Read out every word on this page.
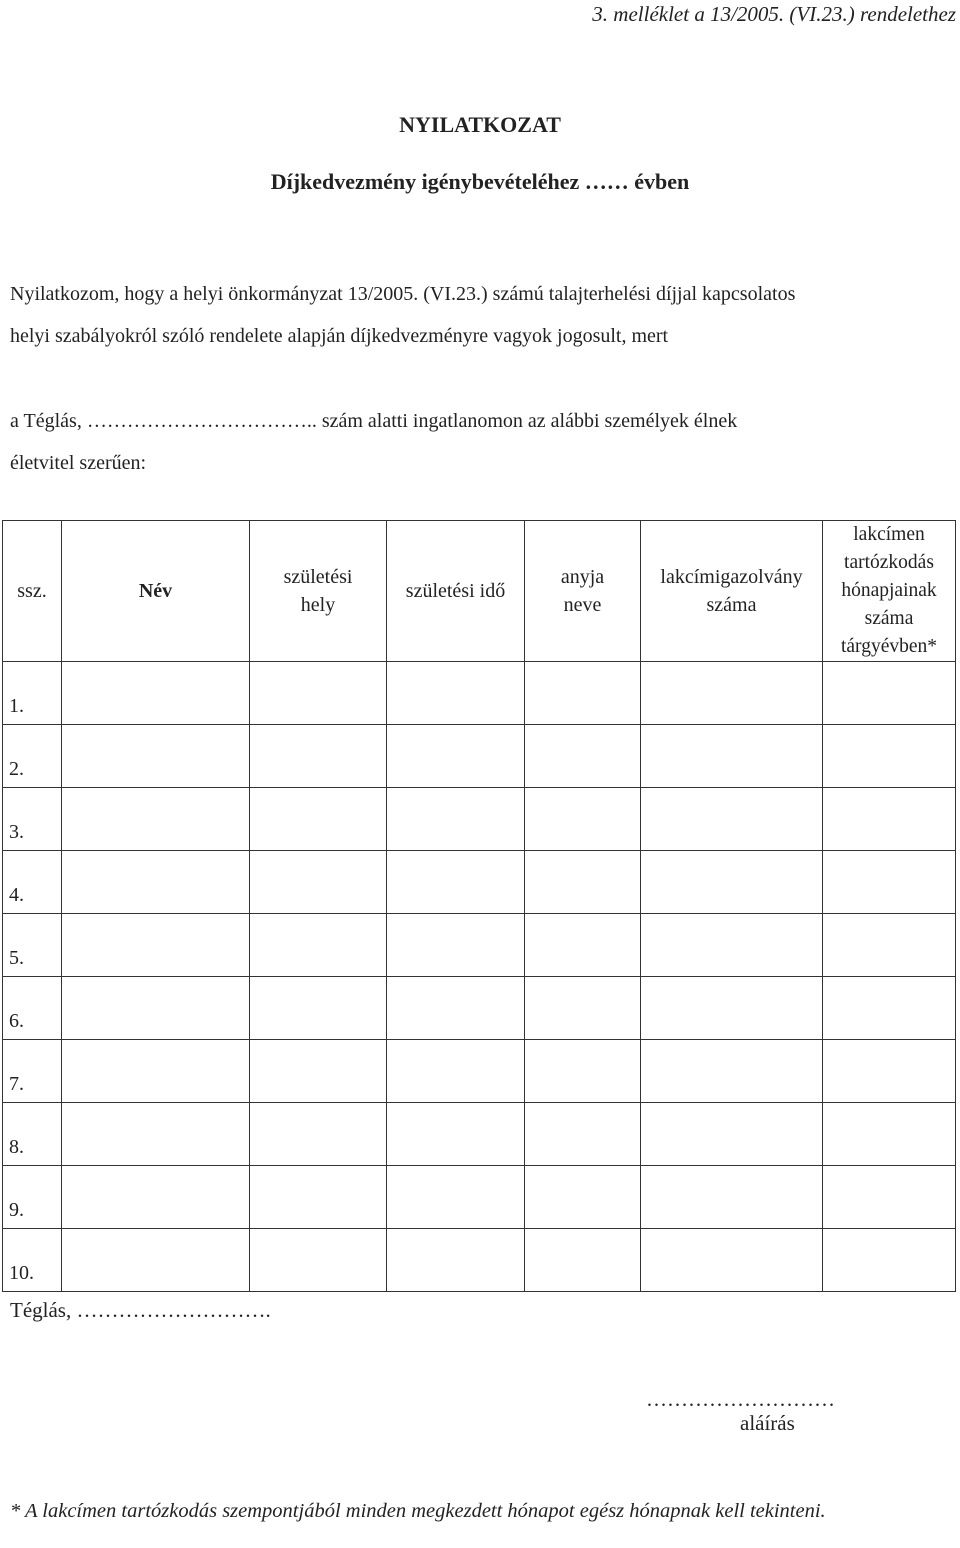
3. melléklet a 13/2005. (VI.23.) rendelethez
NYILATKOZAT
Díjkedvezmény igénybevételéhez …… évben
Nyilatkozom, hogy a helyi önkormányzat 13/2005. (VI.23.) számú talajterhelési díjjal kapcsolatos
helyi szabályokról szóló rendelete alapján díjkedvezményre vagyok jogosult, mert
a Téglás, …………………………….. szám alatti ingatlanomon az alábbi személyek élnek
életvitel szerűen:
ssz.	Név	születési hely	születési idő	anyja neve	lakcímigazolvány száma	lakcímen tartózkodás hónapjainak száma tárgyévben*

1.						
2.						
3.						
4.						
5.						
6.						
7.						
8.						
9.						
10.						
Téglás, ……………………….
………………………
aláírás
* A lakcímen tartózkodás szempontjából minden megkezdett hónapot egész hónapnak kell tekinteni.
